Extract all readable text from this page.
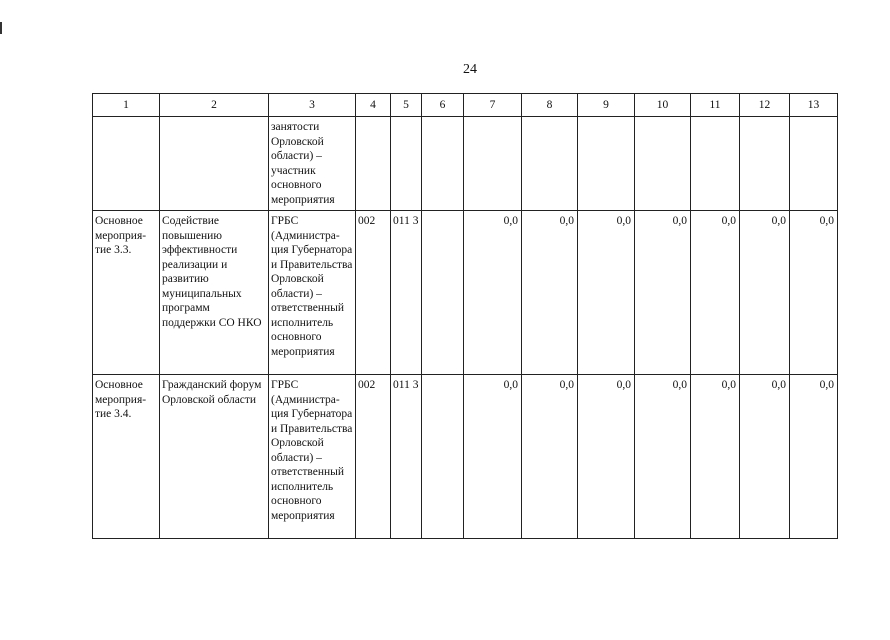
24
1	2	3	4	5	6	7	8	9	10	11	12	13

		занятости Орловской области) – участник основного мероприятия										

Основное мероприя-тие 3.3.	Содействие повышению эффективности реализации и развитию муниципальных программ поддержки СО НКО	ГРБС (Администра-ция Губернатора и Правительства Орловской области) – ответственный исполнитель основного мероприятия	002	011 3		0,0	0,0	0,0	0,0	0,0	0,0	0,0

Основное мероприя-тие 3.4.	Гражданский форум Орловской области	ГРБС (Администра-ция Губернатора и Правительства Орловской области) – ответственный исполнитель основного мероприятия	002	011 3		0,0	0,0	0,0	0,0	0,0	0,0	0,0
